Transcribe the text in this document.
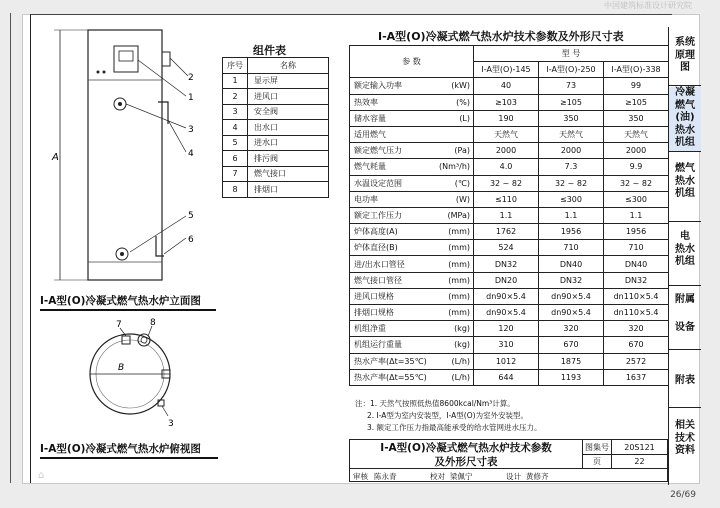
中国建筑标准设计研究院
系统
原理
图
冷凝
燃气
(油)
热水
机组
燃气
热水
机组
电
热水
机组
附属
设备
附表
相关
技术
资料
A
2
1
3
4
5
6
I-A型(O)冷凝式燃气热水炉立面图
B
7	8
3
I-A型(O)冷凝式燃气热水炉俯视图
组件表
序号	名称
1	显示屏
2	进风口
3	安全阀
4	出水口
5	进水口
6	排污阀
7	燃气接口
8	排烟口
I-A型(O)冷凝式燃气热水炉技术参数及外形尺寸表
参 数		型 号		
		I-A型(O)-145	I-A型(O)-250	I-A型(O)-338
额定输入功率	(kW)	40	73	99
热效率	(%)	≥103	≥105	≥105
储水容量	(L)	190	350	350
适用燃气		天然气	天然气	天然气
额定燃气压力	(Pa)	2000	2000	2000
燃气耗量	(Nm³/h)	4.0	7.3	9.9
水温设定范围	(℃)	32 ~ 82	32 ~ 82	32 ~ 82
电功率	(W)	≤110	≤300	≤300
额定工作压力	(MPa)	1.1	1.1	1.1
炉体高度(A)	(mm)	1762	1956	1956
炉体直径(B)	(mm)	524	710	710
进/出水口管径	(mm)	DN32	DN40	DN40
燃气接口管径	(mm)	DN20	DN32	DN32
进风口规格	(mm)	dn90×5.4	dn90×5.4	dn110×5.4
排烟口规格	(mm)	dn90×5.4	dn90×5.4	dn110×5.4
机组净重	(kg)	120	320	320
机组运行重量	(kg)	310	670	670
热水产率(Δt=35℃)	(L/h)	1012	1875	2572
热水产率(Δt=55℃)	(L/h)	644	1193	1637
注：1. 天然气按照低热值8600kcal/Nm³计算。
2. I-A型为室内安装型，I-A型(O)为室外安装型。
3. 额定工作压力指最高能承受的给水管网进水压力。
I-A型(O)冷凝式燃气热水炉技术参数
及外形尺寸表
图集号	20S121
页	22
审核 陈永青	校对 梁佩宁	设计 黄修齐
⌂
26/69
